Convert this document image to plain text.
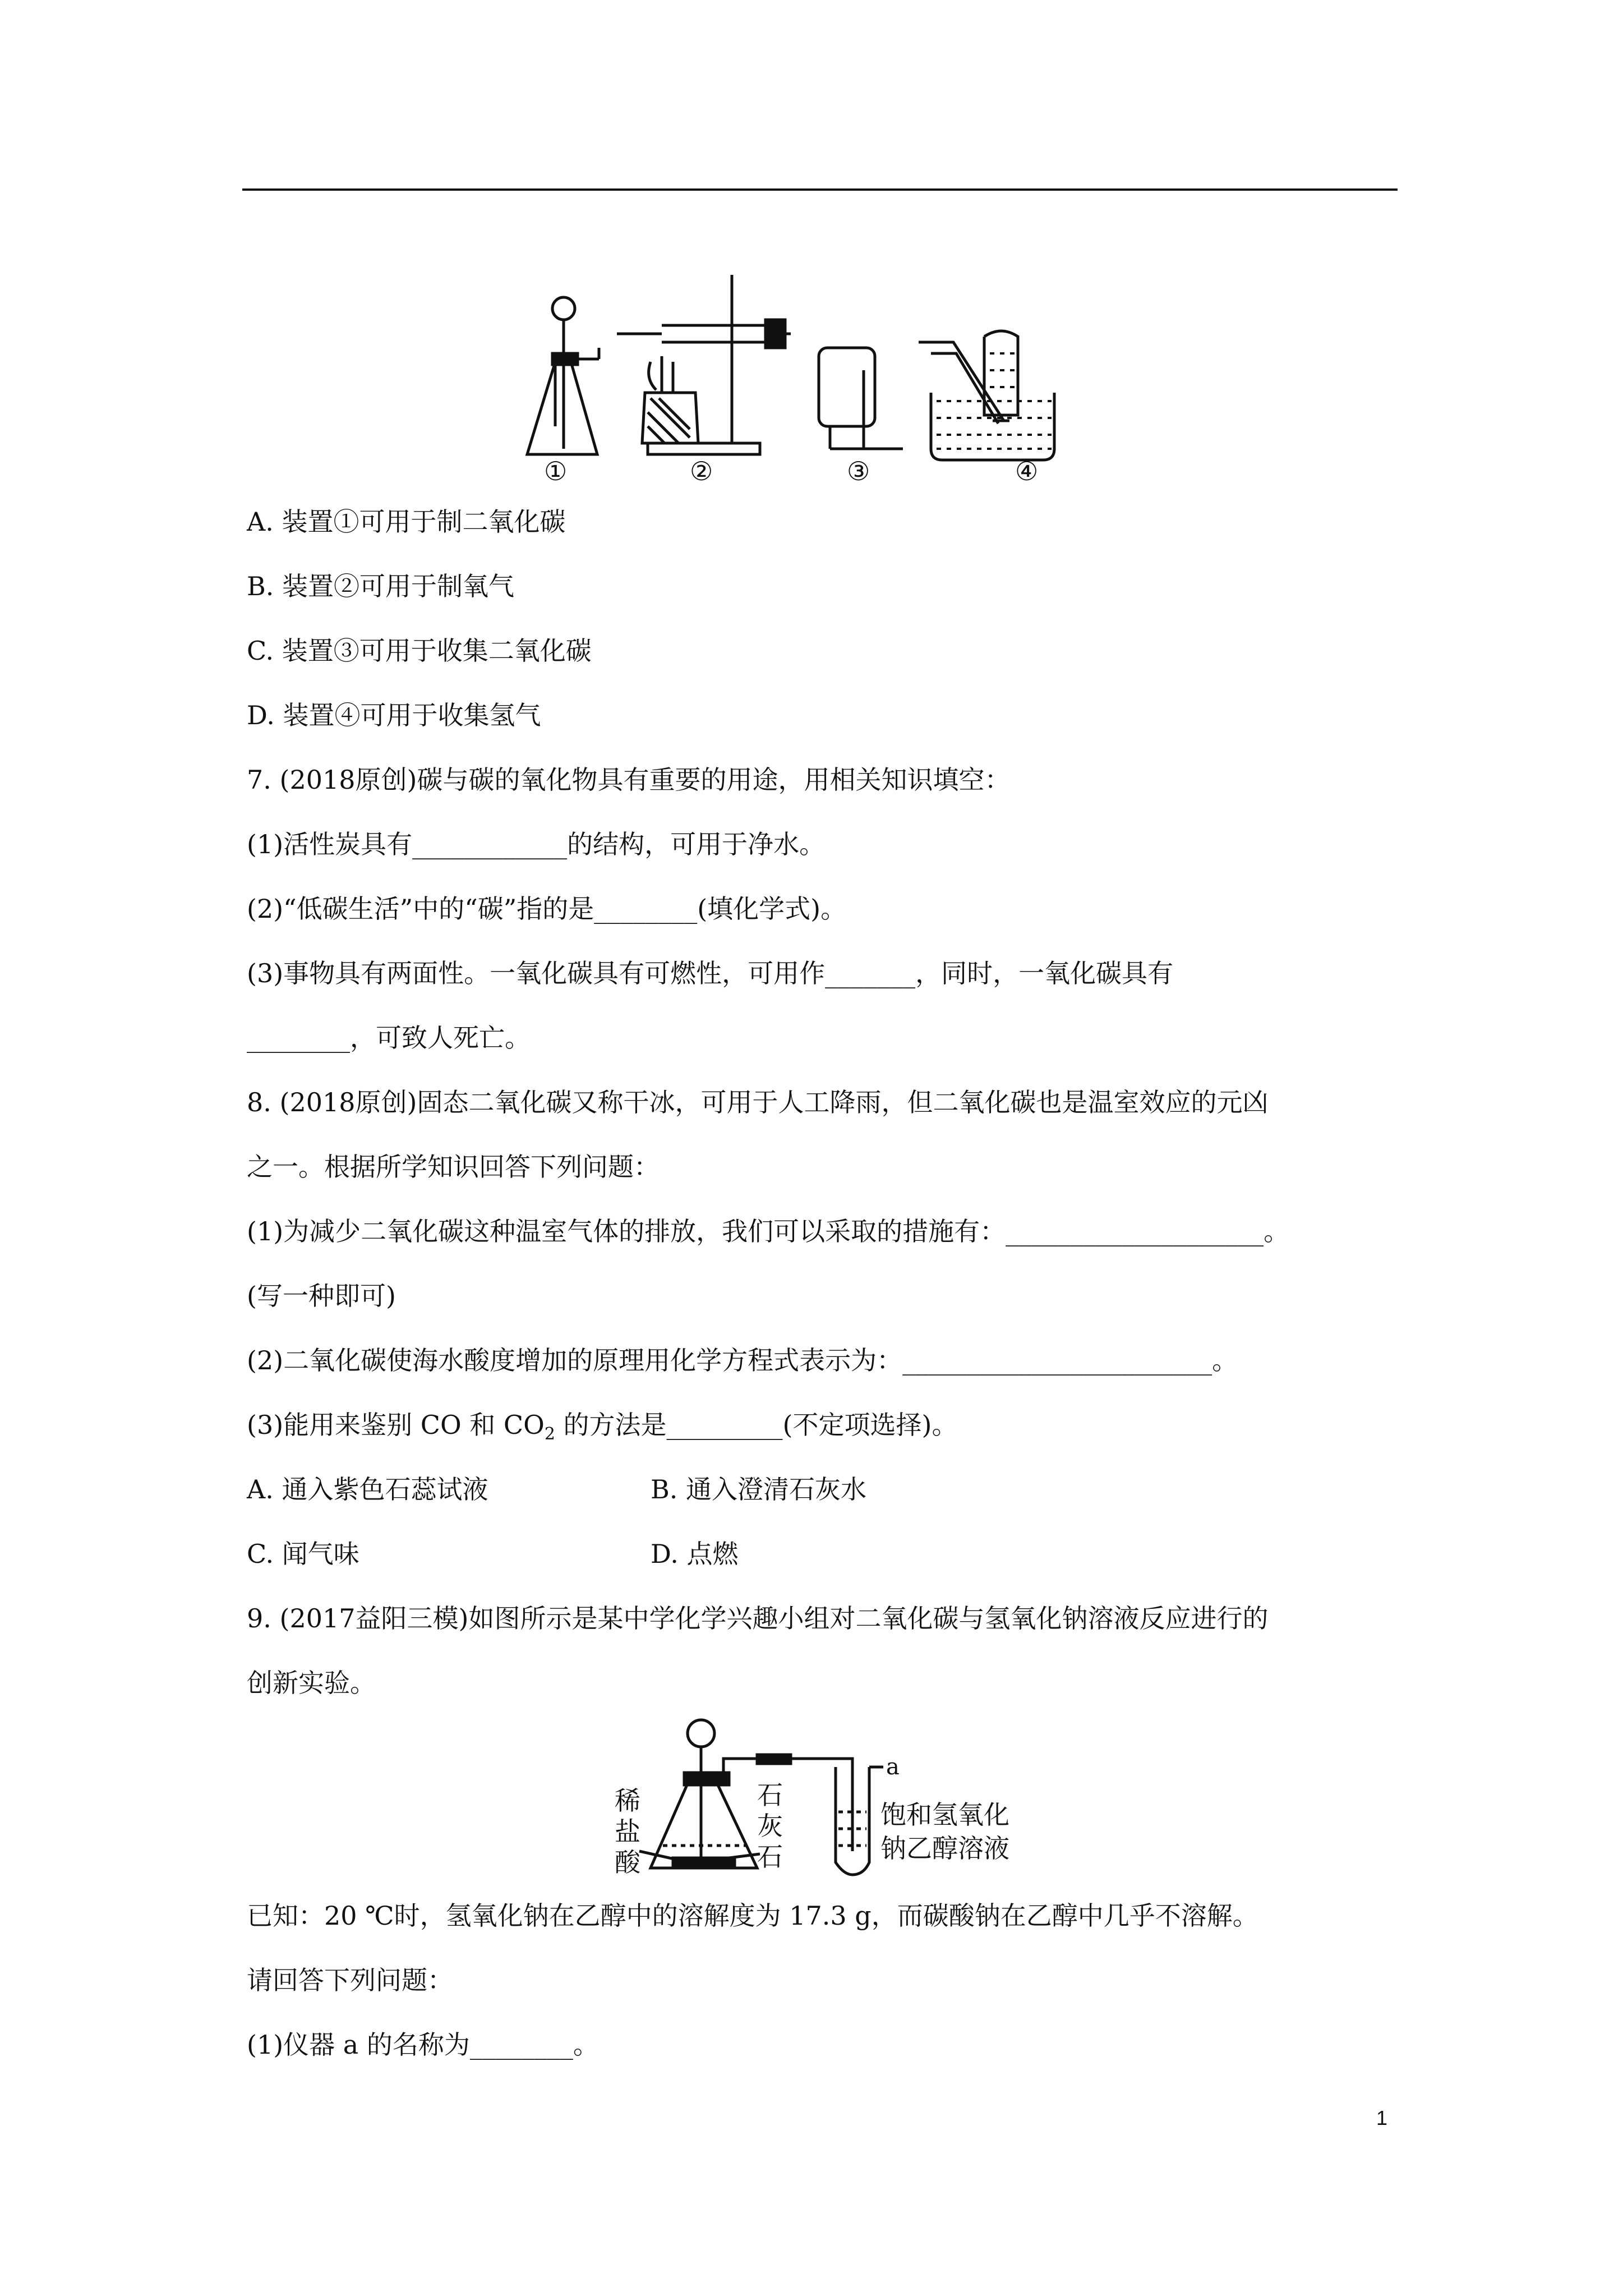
①	②	③	④
A. 装置①可用于制二氧化碳
B. 装置②可用于制氧气
C. 装置③可用于收集二氧化碳
D. 装置④可用于收集氢气
7. (2018原创)碳与碳的氧化物具有重要的用途，用相关知识填空：
(1)活性炭具有____________的结构，可用于净水。
(2)“低碳生活”中的“碳”指的是________(填化学式)。
(3)事物具有两面性。一氧化碳具有可燃性，可用作_______，同时，一氧化碳具有
________，可致人死亡。
8. (2018原创)固态二氧化碳又称干冰，可用于人工降雨，但二氧化碳也是温室效应的元凶
之一。根据所学知识回答下列问题：
(1)为减少二氧化碳这种温室气体的排放，我们可以采取的措施有：____________________。
(写一种即可)
(2)二氧化碳使海水酸度增加的原理用化学方程式表示为：________________________。
(3)能用来鉴别 CO 和 $CO_2$ 的方法是_________(不定项选择)。
A. 通入紫色石蕊试液	B. 通入澄清石灰水
C. 闻气味	D. 点燃
9. (2017益阳三模)如图所示是某中学化学兴趣小组对二氧化碳与氢氧化钠溶液反应进行的
创新实验。
稀
盐
酸
石
灰
石
a
饱和氢氧化
钠乙醇溶液
已知：20 ℃时，氢氧化钠在乙醇中的溶解度为 17.3 g，而碳酸钠在乙醇中几乎不溶解。
请回答下列问题：
(1)仪器 a 的名称为________。
1
